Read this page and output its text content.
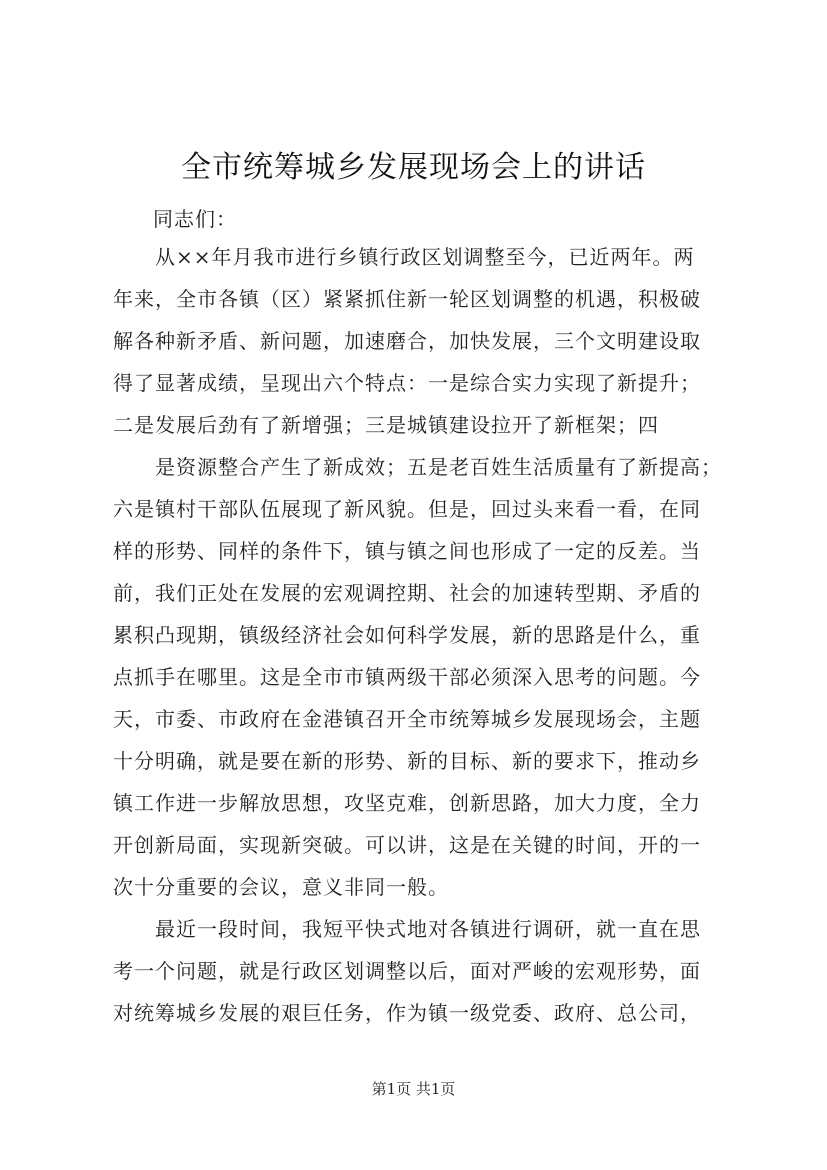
全市统筹城乡发展现场会上的讲话
同志们：
　　从××年月我市进行乡镇行政区划调整至今，已近两年。两
年来，全市各镇（区）紧紧抓住新一轮区划调整的机遇，积极破
解各种新矛盾、新问题，加速磨合，加快发展，三个文明建设取
得了显著成绩，呈现出六个特点：一是综合实力实现了新提升；
二是发展后劲有了新增强；三是城镇建设拉开了新框架；四
　　是资源整合产生了新成效；五是老百姓生活质量有了新提高；
六是镇村干部队伍展现了新风貌。但是，回过头来看一看，在同
样的形势、同样的条件下，镇与镇之间也形成了一定的反差。当
前，我们正处在发展的宏观调控期、社会的加速转型期、矛盾的
累积凸现期，镇级经济社会如何科学发展，新的思路是什么，重
点抓手在哪里。这是全市市镇两级干部必须深入思考的问题。今
天，市委、市政府在金港镇召开全市统筹城乡发展现场会，主题
十分明确，就是要在新的形势、新的目标、新的要求下，推动乡
镇工作进一步解放思想，攻坚克难，创新思路，加大力度，全力
开创新局面，实现新突破。可以讲，这是在关键的时间，开的一
次十分重要的会议，意义非同一般。
　　最近一段时间，我短平快式地对各镇进行调研，就一直在思
考一个问题，就是行政区划调整以后，面对严峻的宏观形势，面
对统筹城乡发展的艰巨任务，作为镇一级党委、政府、总公司，
第1页 共1页
